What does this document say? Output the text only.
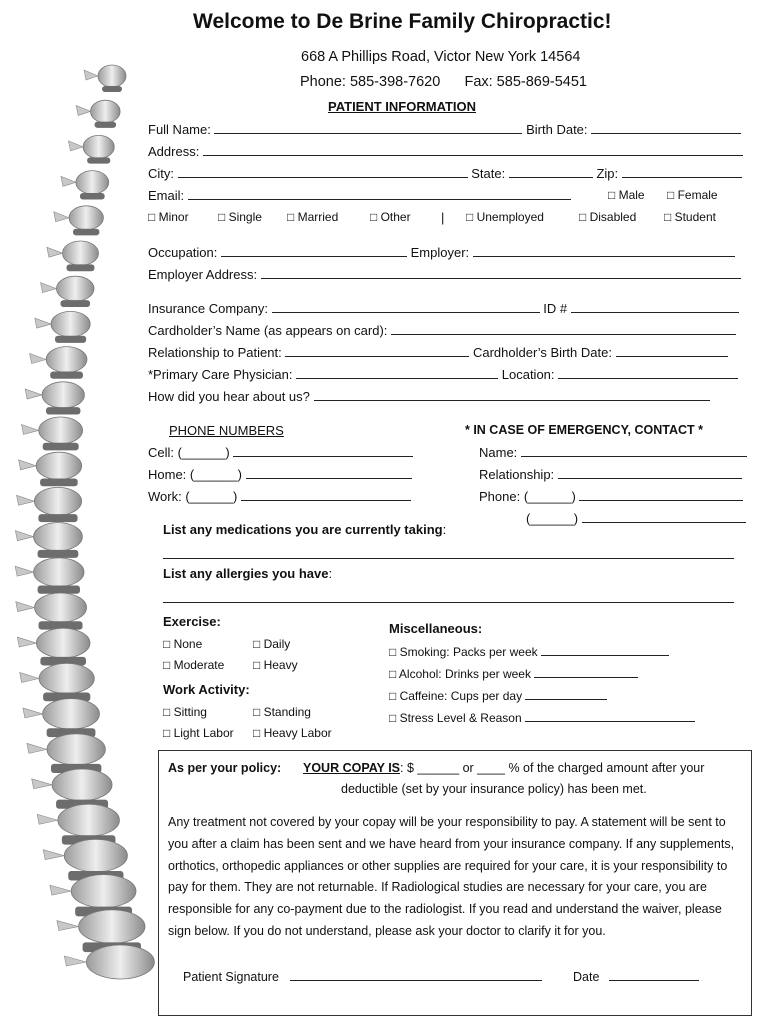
Welcome to De Brine Family Chiropractic!
668 A Phillips Road, Victor New York 14564
Phone: 585-398-7620      Fax: 585-869-5451
PATIENT INFORMATION
Full Name:	Birth Date:
Address:
City:	State:	Zip:
Email:	□ Male □ Female
□ Minor □ Single □ Married	□ Other | □ Unemployed	□ Disabled □ Student
Occupation:	Employer:
Employer Address:
Insurance Company:	ID #
Cardholder’s Name (as appears on card):
Relationship to Patient:	Cardholder’s Birth Date:
*Primary Care Physician:	Location:
How did you hear about us?
PHONE NUMBERS
Cell: (______)
Home: (______)
Work: (______)
* IN CASE OF EMERGENCY, CONTACT *
Name:
Relationship:
Phone: (______)
(______)
List any medications you are currently taking:
List any allergies you have:
Exercise:
□ None	□ Daily
□ Moderate □ Heavy
Work Activity:
□ Sitting	□ Standing
□ Light Labor □ Heavy Labor
Miscellaneous:
□ Smoking: Packs per week
□ Alcohol: Drinks per week
□ Caffeine: Cups per day
□ Stress Level & Reason
As per your policy: YOUR COPAY IS: $ ______ or ____ % of the charged amount after your
deductible (set by your insurance policy) has been met.
Any treatment not covered by your copay will be your responsibility to pay. A statement will be sent to you after a claim has been sent and we have heard from your insurance company. If any supplements, orthotics, orthopedic appliances or other supplies are required for your care, it is your responsibility to pay for them. They are not returnable. If Radiological studies are necessary for your care, you are responsible for any co-payment due to the radiologist. If you read and understand the waiver, please sign below. If you do not understand, please ask your doctor to clarify it for you.
Patient Signature	Date
